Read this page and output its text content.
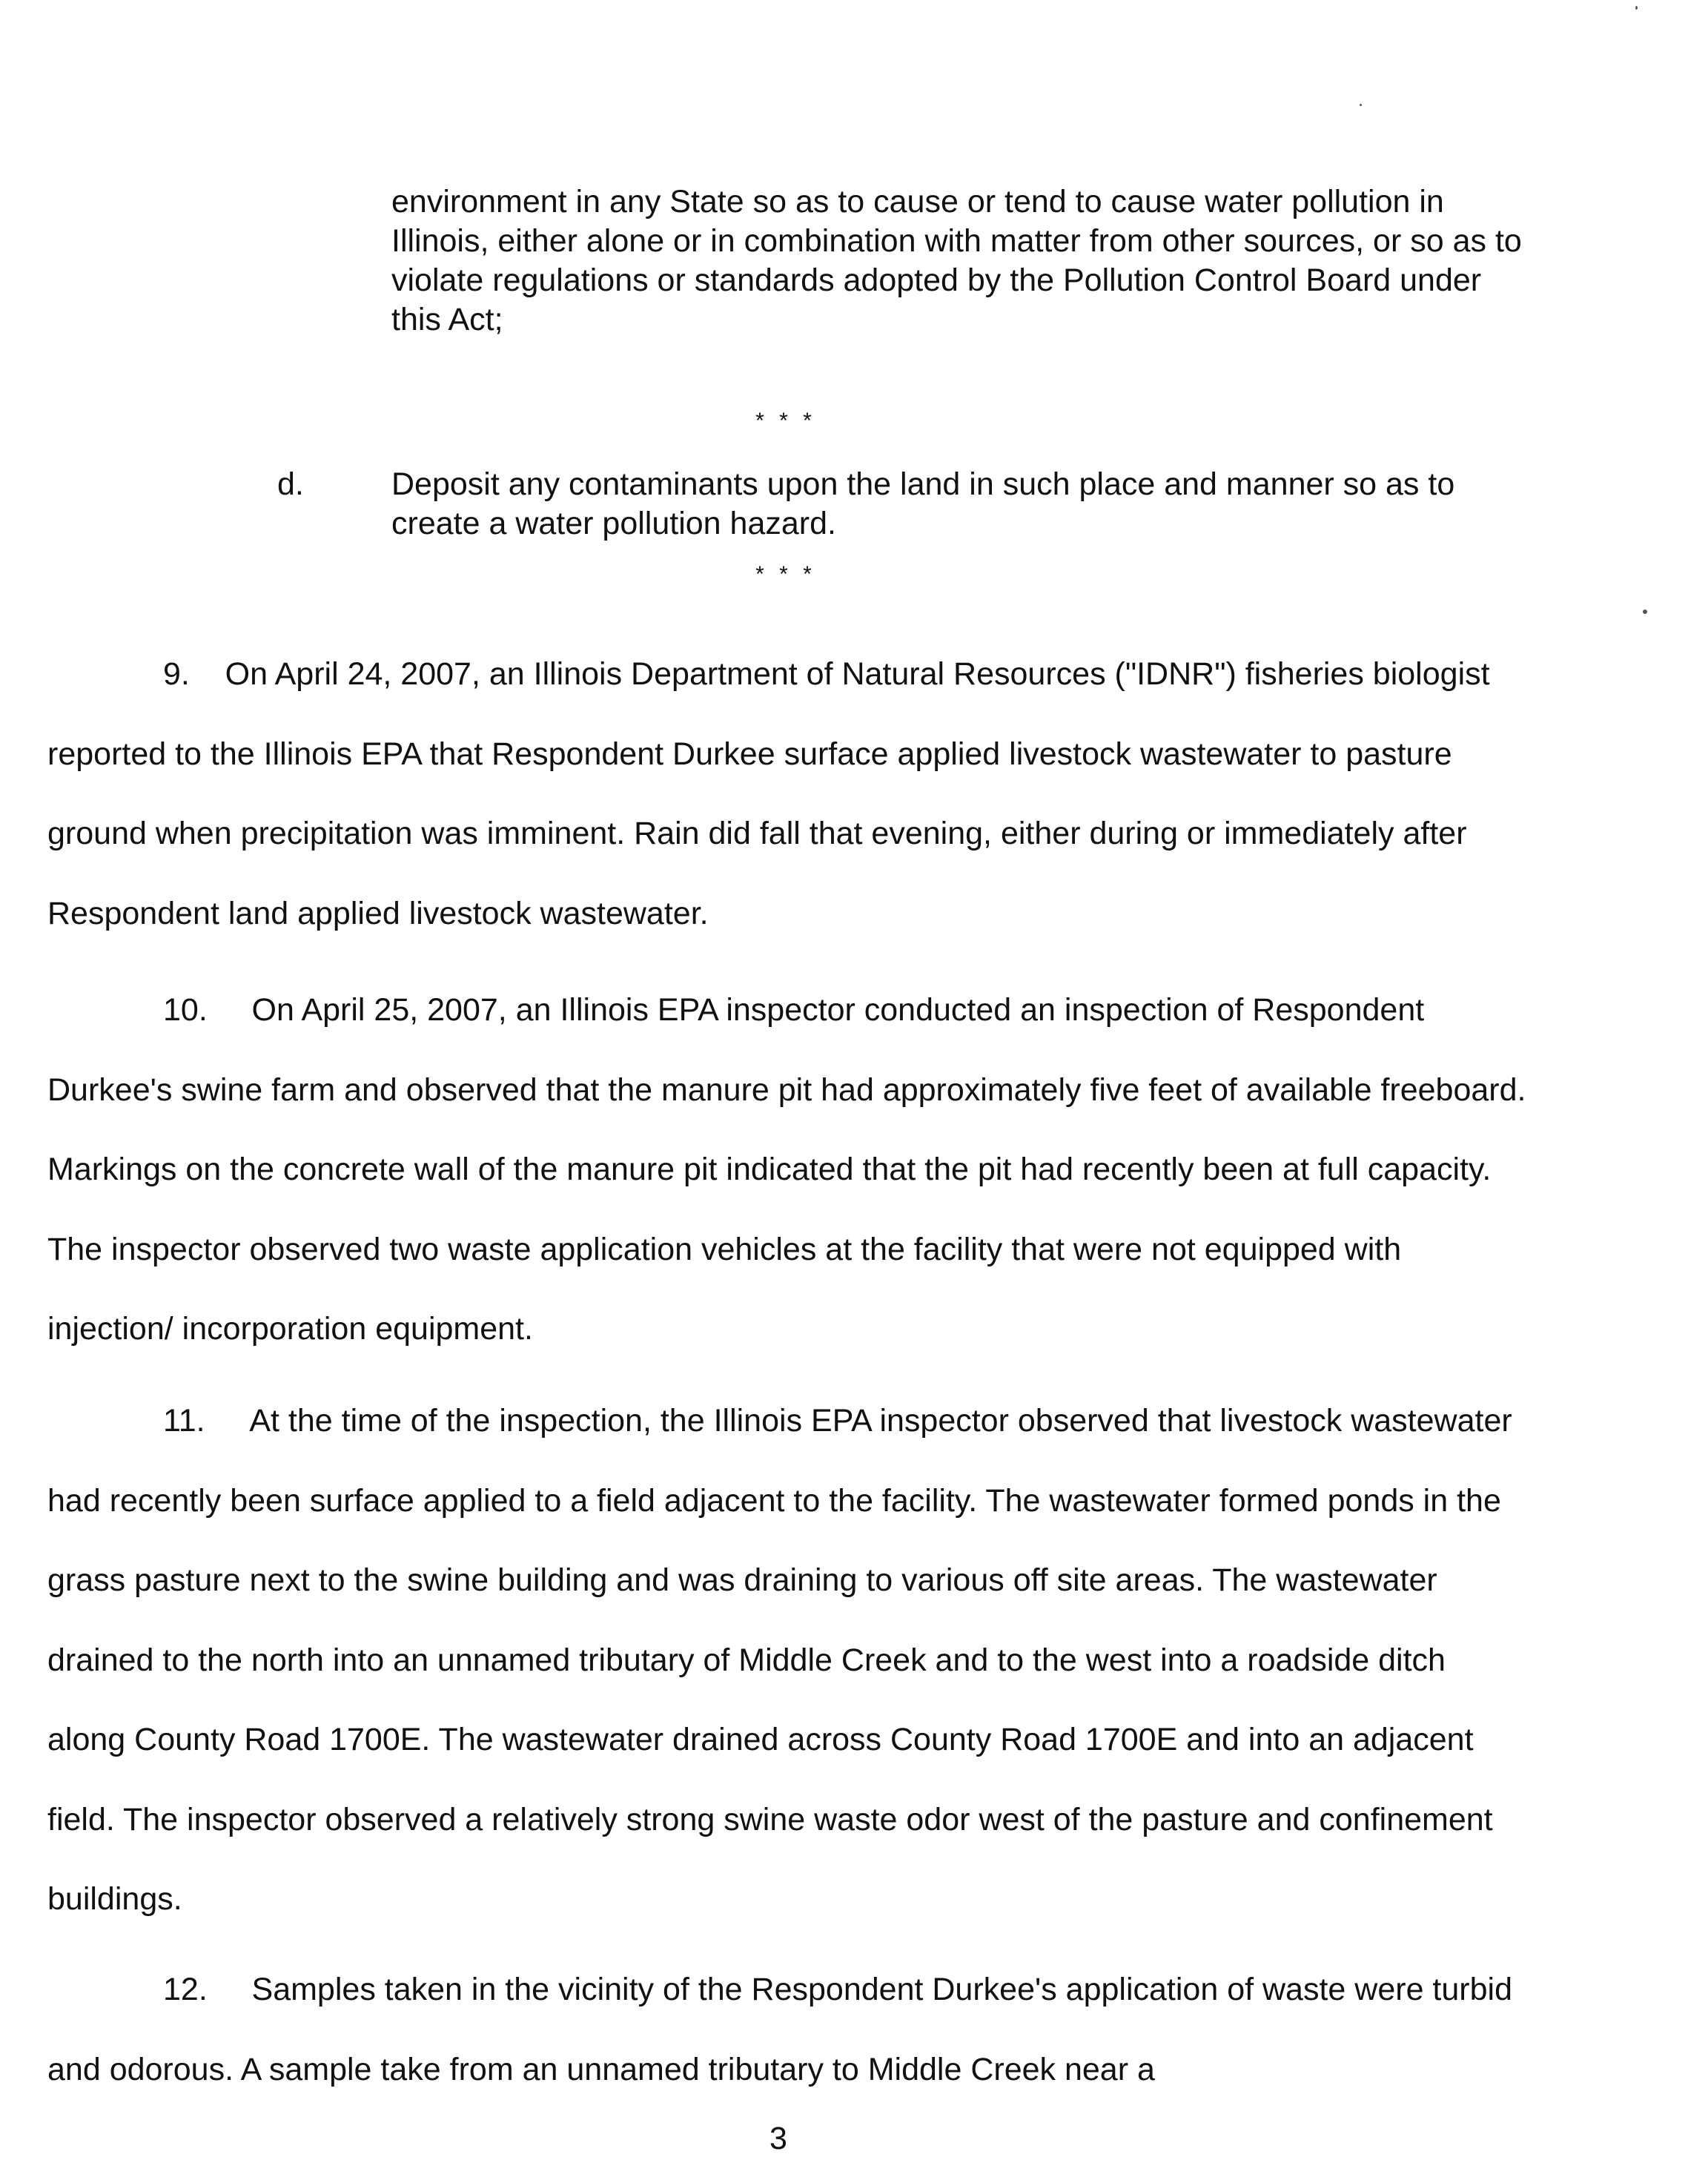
environment in any State so as to cause or tend to cause water pollution in Illinois, either alone or in combination with matter from other sources, or so as to violate regulations or standards adopted by the Pollution Control Board under this Act;

* * *
d.	Deposit any contaminants upon the land in such place and manner so as to create a water pollution hazard.

* * *

9. On April 24, 2007, an Illinois Department of Natural Resources ("IDNR") fisheries biologist reported to the Illinois EPA that Respondent Durkee surface applied livestock wastewater to pasture ground when precipitation was imminent. Rain did fall that evening, either during or immediately after Respondent land applied livestock wastewater.

10. On April 25, 2007, an Illinois EPA inspector conducted an inspection of Respondent Durkee's swine farm and observed that the manure pit had approximately five feet of available freeboard. Markings on the concrete wall of the manure pit indicated that the pit had recently been at full capacity. The inspector observed two waste application vehicles at the facility that were not equipped with injection/ incorporation equipment.

11. At the time of the inspection, the Illinois EPA inspector observed that livestock wastewater had recently been surface applied to a field adjacent to the facility. The wastewater formed ponds in the grass pasture next to the swine building and was draining to various off site areas. The wastewater drained to the north into an unnamed tributary of Middle Creek and to the west into a roadside ditch along County Road 1700E. The wastewater drained across County Road 1700E and into an adjacent field. The inspector observed a relatively strong swine waste odor west of the pasture and confinement buildings.

12. Samples taken in the vicinity of the Respondent Durkee's application of waste were turbid and odorous. A sample take from an unnamed tributary to Middle Creek near a

3
